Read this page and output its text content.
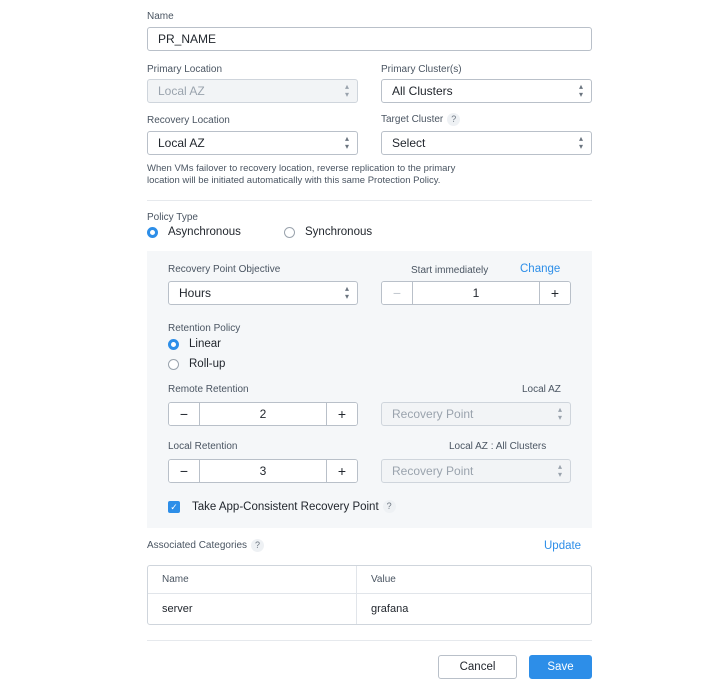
Name
PR_NAME
Primary Location
Local AZ	▴
▾
Primary Cluster(s)
All Clusters	▴
▾
Recovery Location
Local AZ	▴
▾
Target Cluster ?
Select	▴
▾
When VMs failover to recovery location, reverse replication to the primary
location will be initiated automatically with this same Protection Policy.
Policy Type
Asynchronous	Synchronous
Recovery Point Objective
Hours	▴
▾
Start immediately	Change
−	1	+
Retention Policy
Linear
Roll-up
Remote Retention	Local AZ
−	2	+	Recovery Point	▴
▾
Local Retention	Local AZ : All Clusters
−	3	+	Recovery Point	▴
▾
✓ Take App-Consistent Recovery Point ?
Associated Categories ?	Update
Name	Value
server	grafana
Cancel	Save
